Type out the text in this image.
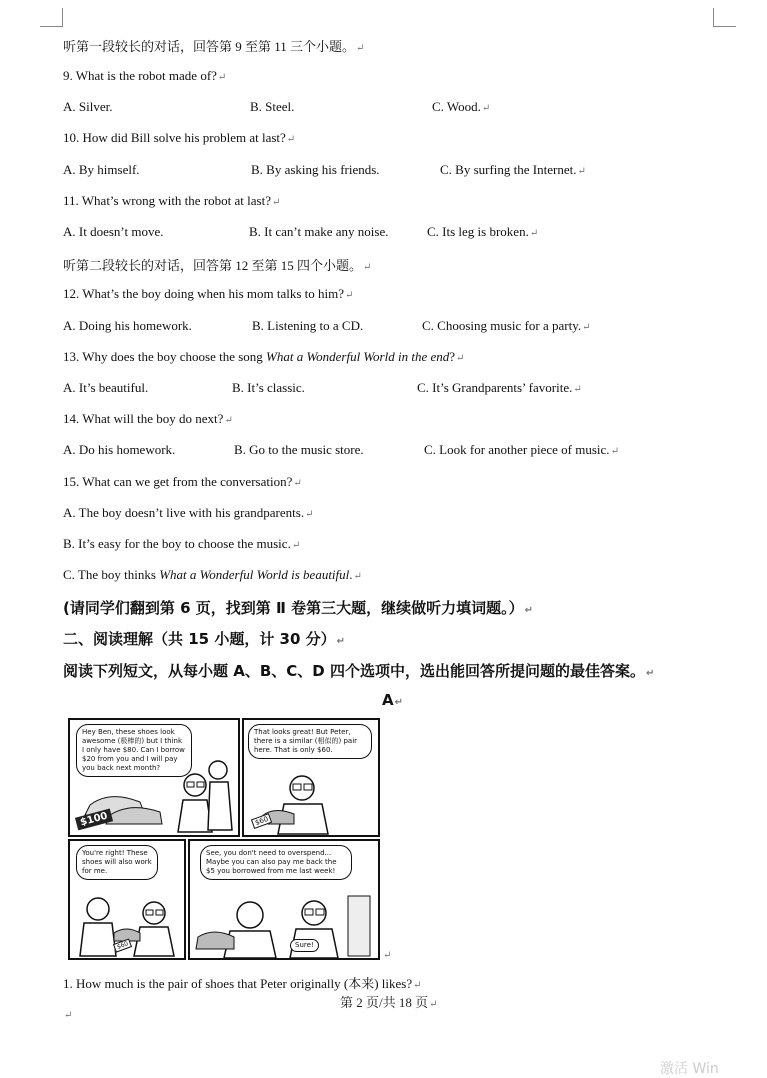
听第一段较长的对话，回答第 9 至第 11 三个小题。↵
9. What is the robot made of?↵
A. Silver.	B. Steel.	C. Wood.↵
10. How did Bill solve his problem at last?↵
A. By himself.	B. By asking his friends.	C. By surfing the Internet.↵
11. What’s wrong with the robot at last?↵
A. It doesn’t move.	B. It can’t make any noise.	C. Its leg is broken.↵
听第二段较长的对话，回答第 12 至第 15 四个小题。↵
12. What’s the boy doing when his mom talks to him?↵
A. Doing his homework.	B. Listening to a CD.	C. Choosing music for a party.↵
13. Why does the boy choose the song What a Wonderful World in the end?↵
A. It’s beautiful.	B. It’s classic.	C. It’s Grandparents’ favorite.↵
14. What will the boy do next?↵
A. Do his homework.	B. Go to the music store.	C. Look for another piece of music.↵
15. What can we get from the conversation?↵
A. The boy doesn’t live with his grandparents.↵
B. It’s easy for the boy to choose the music.↵
C. The boy thinks What a Wonderful World is beautiful.↵
(请同学们翻到第 6 页，找到第 Ⅱ 卷第三大题，继续做听力填词题。）↵
二、阅读理解（共 15 小题，计 30 分）↵
阅读下列短文，从每小题 A、B、C、D 四个选项中，选出能回答所提问题的最佳答案。↵
A↵
Hey Ben, these shoes look awesome (极棒的) but I think I only have $80. Can I borrow $20 from you and I will pay you back next month?
$100
That looks great! But Peter, there is a similar (相似的) pair here. That is only $60.
$60
You're right! These shoes will also work for me.
$60
See, you don't need to overspend... Maybe you can also pay me back the $5 you borrowed from me last week!
Sure!
↵
1. How much is the pair of shoes that Peter originally (本来) likes?↵
第 2 页/共 18 页↵
↵
激活 Win
